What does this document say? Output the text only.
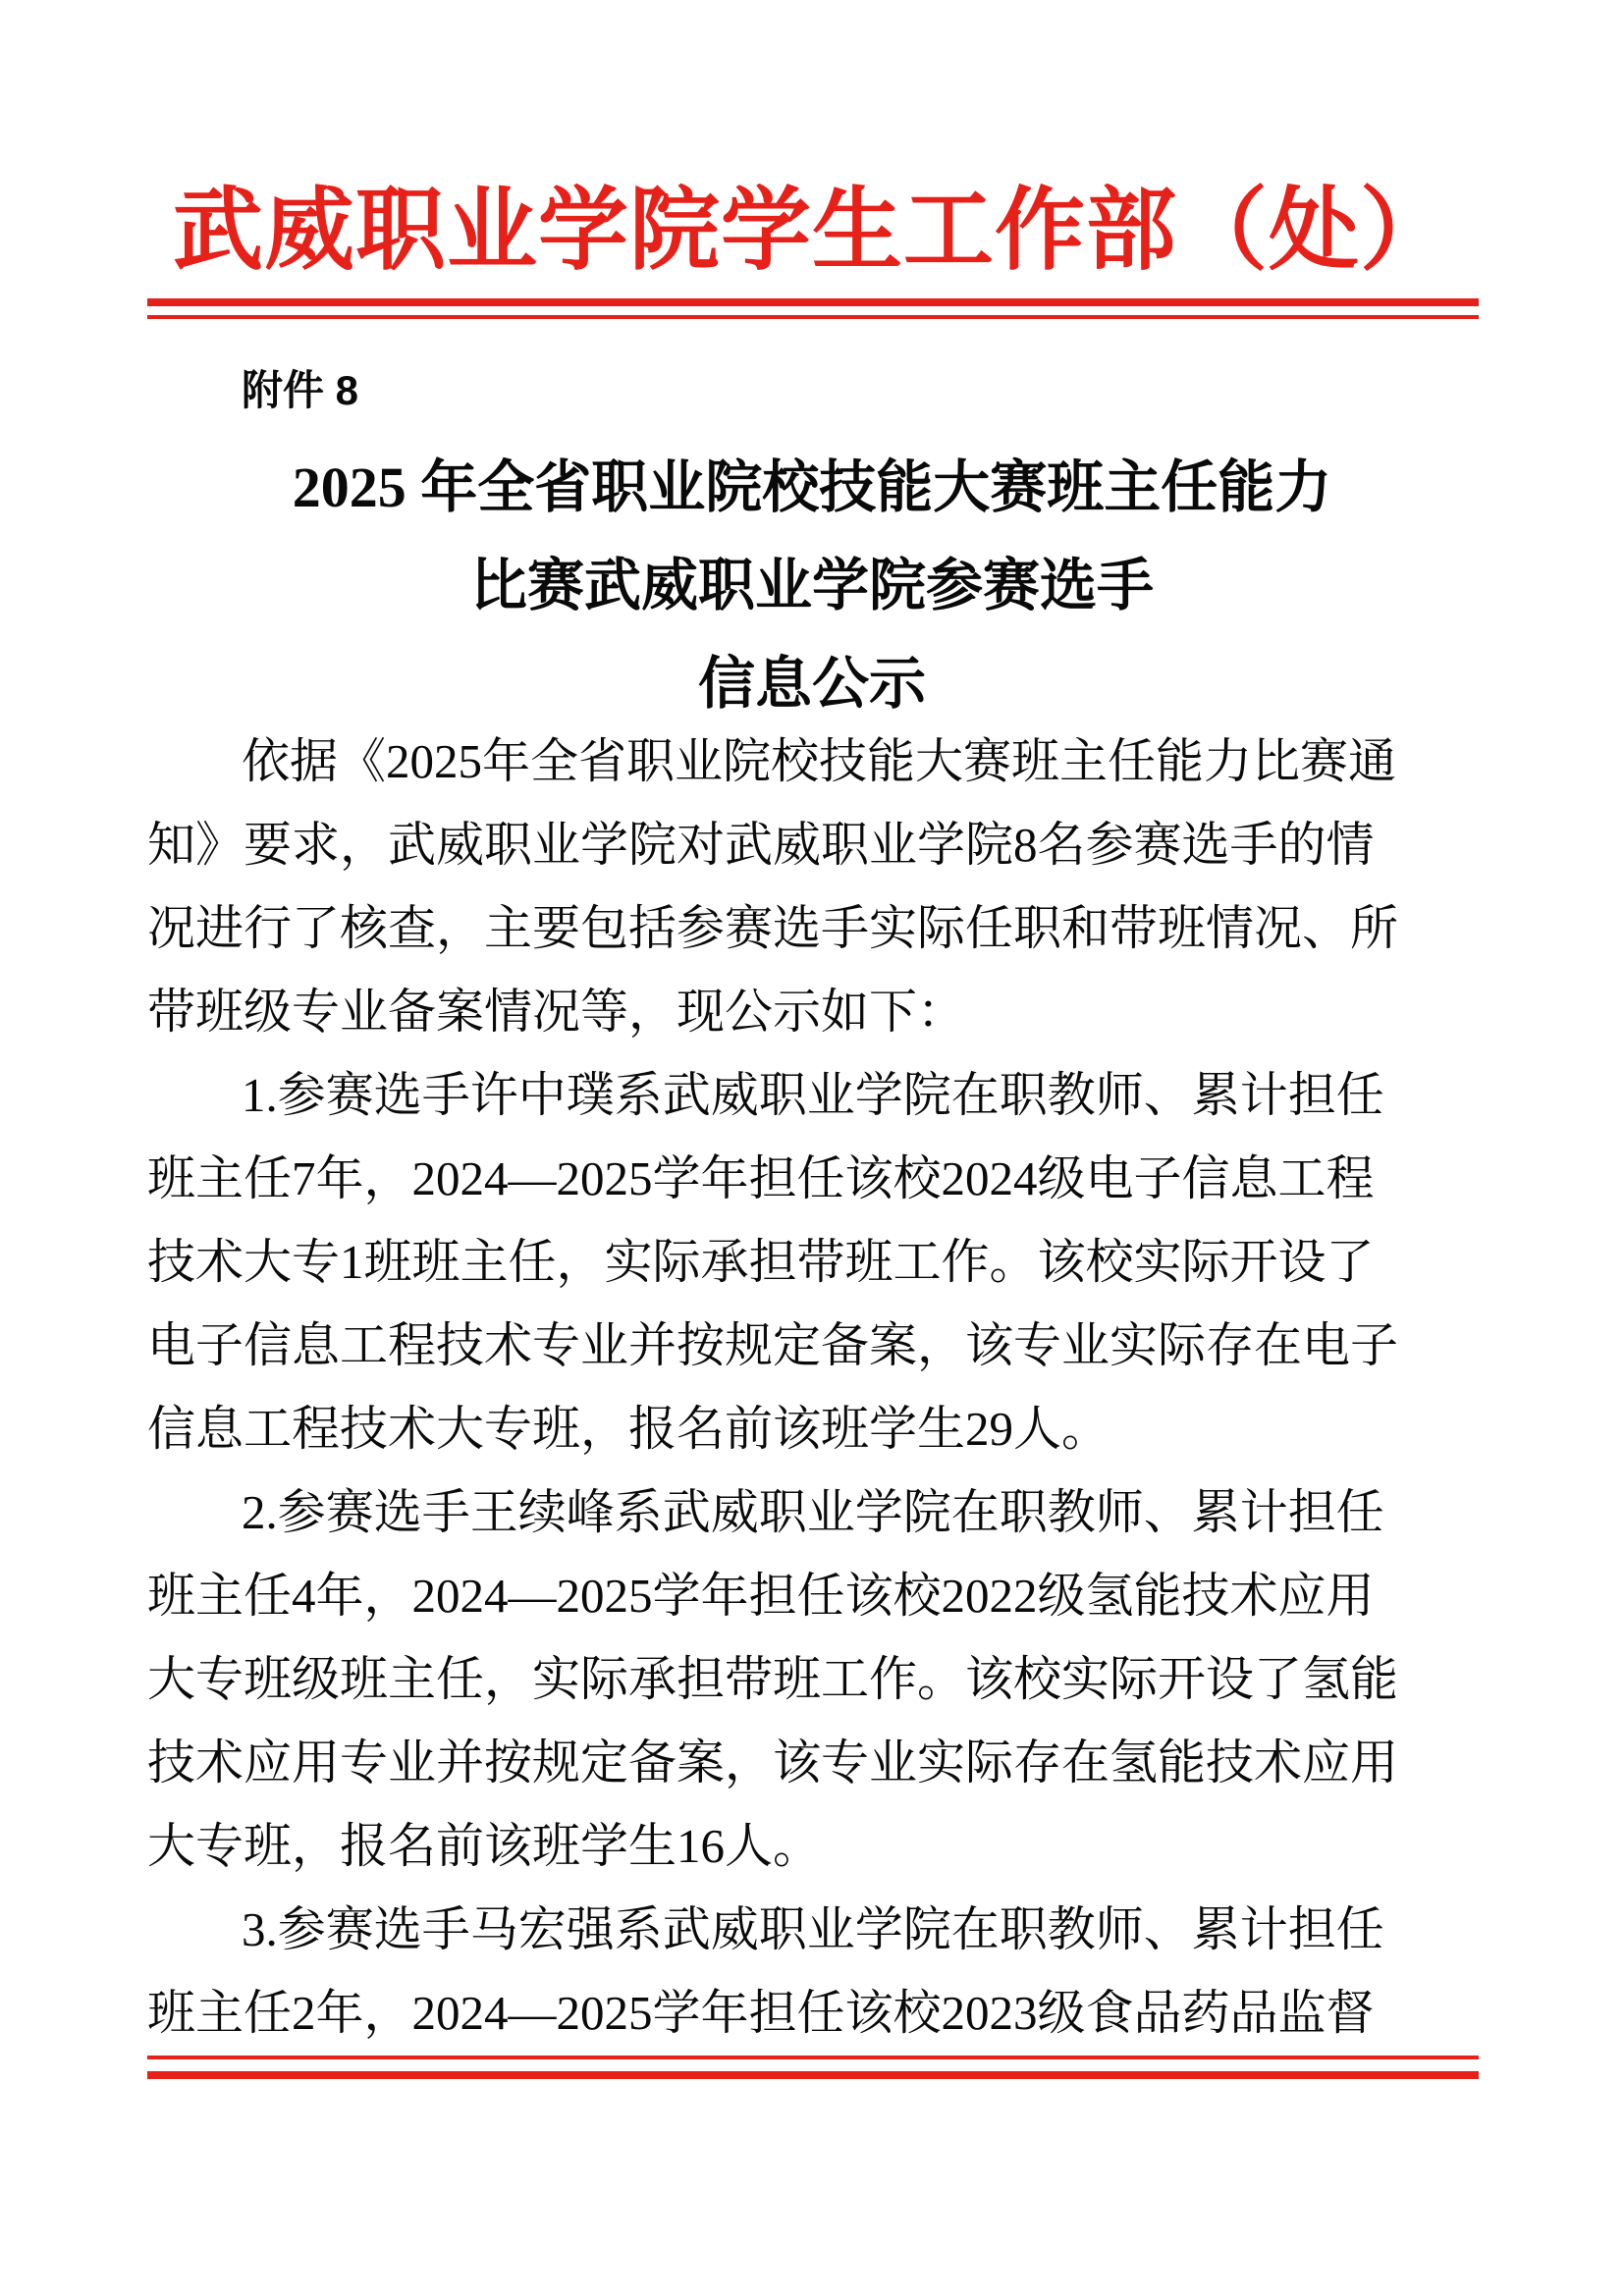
武威职业学院学生工作部（处）
附件 8
2025 年全省职业院校技能大赛班主任能力
比赛武威职业学院参赛选手
信息公示
依据《2025年全省职业院校技能大赛班主任能力比赛通
知》要求，武威职业学院对武威职业学院8名参赛选手的情
况进行了核查，主要包括参赛选手实际任职和带班情况、所
带班级专业备案情况等，现公示如下：
1.参赛选手许中璞系武威职业学院在职教师、累计担任
班主任7年，2024—2025学年担任该校2024级电子信息工程
技术大专1班班主任，实际承担带班工作。该校实际开设了
电子信息工程技术专业并按规定备案，该专业实际存在电子
信息工程技术大专班，报名前该班学生29人。
2.参赛选手王续峰系武威职业学院在职教师、累计担任
班主任4年，2024—2025学年担任该校2022级氢能技术应用
大专班级班主任，实际承担带班工作。该校实际开设了氢能
技术应用专业并按规定备案，该专业实际存在氢能技术应用
大专班，报名前该班学生16人。
3.参赛选手马宏强系武威职业学院在职教师、累计担任
班主任2年，2024—2025学年担任该校2023级食品药品监督
